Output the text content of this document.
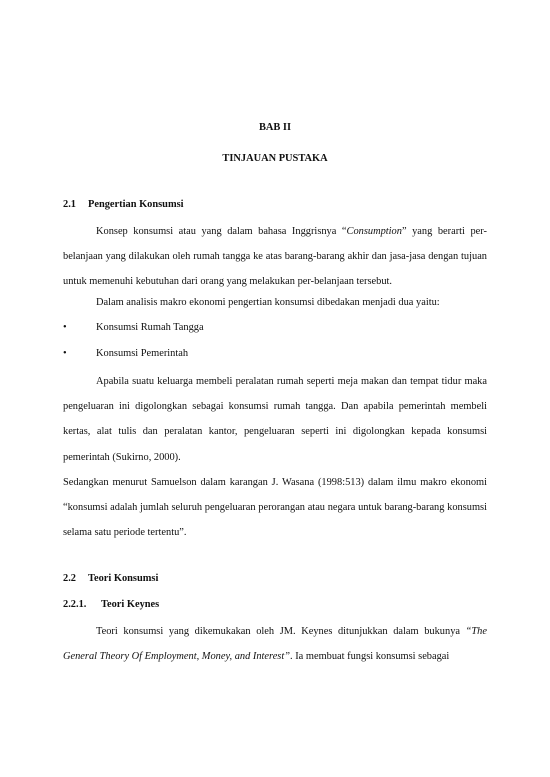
BAB II
TINJAUAN PUSTAKA
2.1 Pengertian Konsumsi

Konsep konsumsi atau yang dalam bahasa Inggrisnya “Consumption” yang berarti per-belanjaan yang dilakukan oleh rumah tangga ke atas barang-barang akhir dan jasa-jasa dengan tujuan untuk memenuhi kebutuhan dari orang yang melakukan per-belanjaan tersebut.

Dalam analisis makro ekonomi pengertian konsumsi dibedakan menjadi dua yaitu:
•	Konsumsi Rumah Tangga
•	Konsumsi Pemerintah

Apabila suatu keluarga membeli peralatan rumah seperti meja makan dan tempat tidur maka pengeluaran ini digolongkan sebagai konsumsi rumah tangga. Dan apabila pemerintah membeli kertas, alat tulis dan peralatan kantor, pengeluaran seperti ini digolongkan kepada konsumsi pemerintah (Sukirno, 2000).

Sedangkan menurut Samuelson dalam karangan J. Wasana (1998:513) dalam ilmu makro ekonomi “konsumsi adalah jumlah seluruh pengeluaran perorangan atau negara untuk barang-barang konsumsi selama satu periode tertentu”.

2.2 Teori Konsumsi
2.2.1. Teori Keynes

Teori konsumsi yang dikemukakan oleh JM. Keynes ditunjukkan dalam bukunya “The General Theory Of Employment, Money, and Interest”. Ia membuat fungsi konsumsi sebagai
